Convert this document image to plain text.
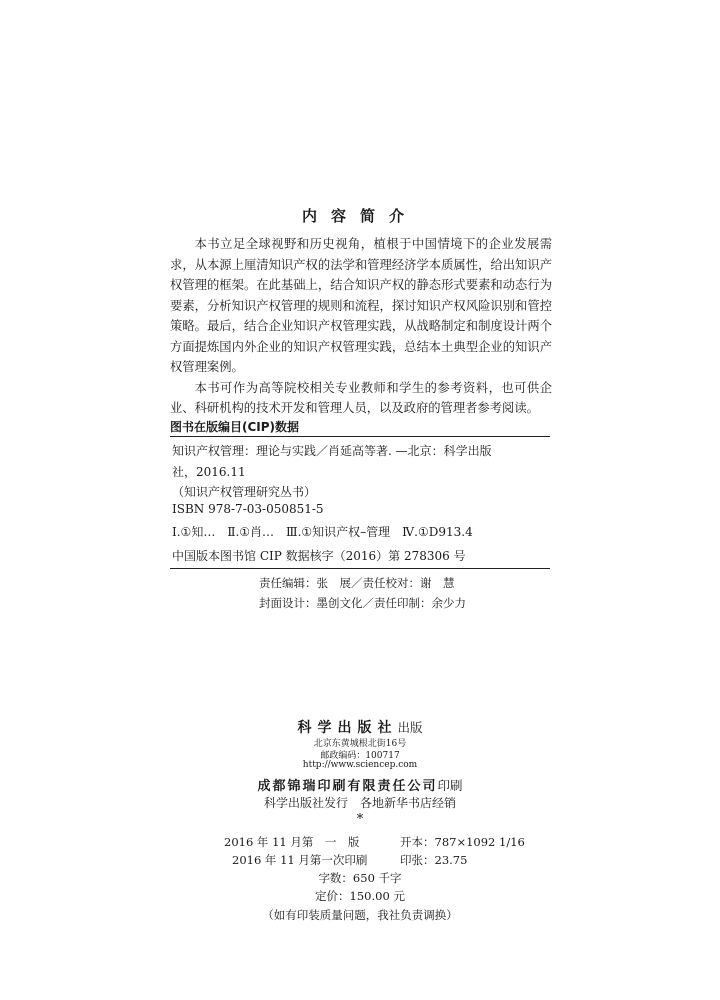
内容简介

本书立足全球视野和历史视角，植根于中国情境下的企业发展需求，从本源上厘清知识产权的法学和管理经济学本质属性，给出知识产权管理的框架。在此基础上，结合知识产权的静态形式要素和动态行为要素，分析知识产权管理的规则和流程，探讨知识产权风险识别和管控策略。最后，结合企业知识产权管理实践，从战略制定和制度设计两个方面提炼国内外企业的知识产权管理实践，总结本土典型企业的知识产权管理案例。

本书可作为高等院校相关专业教师和学生的参考资料，也可供企业、科研机构的技术开发和管理人员，以及政府的管理者参考阅读。

图书在版编目(CIP)数据
知识产权管理：理论与实践／肖延高等著. —北京：科学出版
社，2016.11
（知识产权管理研究丛书）
ISBN 978-7-03-050851-5
Ⅰ.①知…　Ⅱ.①肖…　Ⅲ.①知识产权–管理　Ⅳ.①D913.4
中国版本图书馆 CIP 数据核字（2016）第 278306 号
责任编辑：张　展／责任校对：谢　慧
封面设计：墨创文化／责任印制：余少力
科学出版社出版
北京东黄城根北街16号
邮政编码：100717
http://www.sciencep.com
成都锦瑞印刷有限责任公司印刷
科学出版社发行　各地新华书店经销
*
2016 年 11 月第　一　版	开本：787×1092 1/16
2016 年 11 月第一次印刷	印张：23.75
字数：650 千字
定价：150.00 元
（如有印装质量问题，我社负责调换）
